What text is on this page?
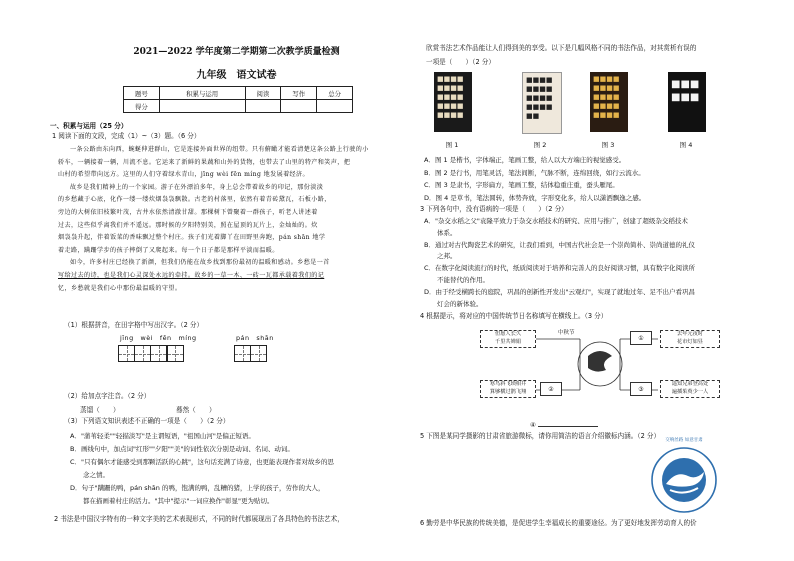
2021—2022 学年度第二学期第二次教学质量检测
九年级　语文试卷
题号	积累与运用	阅读	写作	总分
得分				
一、积累与运用（25 分）
1 阅读下面的文段，完成（1）~（3）题。（6 分）
一条公路由东向西，蜿蜒伸进群山，它是连接外面世界的纽带。只有俯瞰才能看清楚这条公路上行驶的小
轿车，一辆接着一辆，川流不息。它运来了新鲜的果蔬和山外的货物，也带去了山里的特产和笑声，把
山村的希望带向远方。这里的人们守着绿水青山，jīng wèi fēn míng 地发展着经济。
故乡是我们精神上的一个家园。游子在外漂泊多年，身上总会带着故乡的印记，那份淡淡
的乡愁藏于心底，化作一缕一缕炊烟袅袅飘散。古老的村落里，依然有着青砖黛瓦，石板小路，
旁边的大树依旧枝繁叶茂，古井水依然清澈甘甜。那棵树下曾聚着一群孩子，听老人讲述着
过去，这些似乎离我们并不遥远。那时候的夕阳特别美，照在屋顶的瓦片上，金灿灿的。炊
烟袅袅升起，伴着饭菜的香味飘过整个村庄。孩子们光着脚丫在田野里奔跑，pán shān 地学
着走路，蹒跚学步的孩子摔倒了又爬起来。每一个日子都是那样平淡而温暖。
如今，许多村庄已经换了新颜，但我们仍能在故乡找到那份最初的温暖和感动。乡愁是一首
写给过去的诗，也是我们心灵深处永远的牵挂。故乡的一草一木、一砖一瓦都承载着我们的记
忆，乡愁就是我们心中那份最温暖的守望。
（1）根据拼音，在田字格中写出汉字。（2 分）
jīng　wèi　fēn　míng	pán　shān
（2）给加点字注音。（2 分）
蒸馏（　　）	蓦然（　　）
（3）下列语文知识表述不正确的一项是（　　）（2 分）
A．"蒲苇轻柔""轻描淡写"是主谓短语，"祖国山河"是偏正短语。
B．画线句中，加点词"红形""夕阳""美"的词性依次分别是动词、名词、动词。
C．"只有偶尔才能感受到那颗活跃的心跳"，这句话充满了诗意，也更能表现作者对故乡的思
　　念之情。
D．句子"蹒跚的鸭，pán shān 的鸭，饱满的鸭，乱糟的猪，上学的孩子，劳作的大人，
　　都在描画着村庄的活力。"其中"提示"一词应换作"彰显"更为贴切。
2 书法是中国汉字特有的一种文字美的艺术表现形式，不同的时代都展现出了各具特色的书法艺术，
欣赏书法艺术作品能让人们得到美的享受。以下是几幅风格不同的书法作品，对其赏析有误的
一项是（　　）（2 分）
■■■■■■■■■■■■■■■■■■■■
■■■■■■■■■■■■■■■■■■
■■■■■■■■■■■■■■■■■■■■
■■■■■■
图 1	图 2	图 3	图 4
A．图 1 是楷书，字体端正，笔画工整，给人以大方端庄的视觉感受。
B．图 2 是行书，用笔灵活，笔法间断，气脉不断，连绵回绕，如行云流水。
C．图 3 是隶书，字形扁方，笔画工整，结体稳重庄重，蚕头雁尾。
D．图 4 是草书，笔法圆转，体势奔放，字形变化多，给人以潇洒飘逸之感。
3 下列各句中，没有语病的一项是（　　）（2 分）
A．"杂交水稻之父"袁隆平致力于杂交水稻技术的研究、应用与推广，创建了超级杂交稻技术
　　体系。
B．通过对古代陶瓷艺术的研究，让我们看到，中国古代社会是一个崇尚简朴、崇尚道德的礼仪
　　之邦。
C．在数字化阅读流行的时代，纸质阅读对于培养和完善人的良好阅读习惯，具有数字化阅读所
　　不能替代的作用。
D．由于经受横跨长的庭院，巩昌的创新性开发出"云观灯"，实现了就地过年、足不出户看巩昌
　　灯会的新体验。
4 根据提示，将对应的中国传统节日名称填写在横线上。（3 分）
但愿人长久
千里共婵娟
寒鸟斜飞琐相井
算够横过鹊飞翔
去年元夜时
花市灯如昼
遥知兄弟登高处
遍插茱萸少一人
中秋节
①
②	③
④
5 下图是某同学摄影的甘肃省旅游微标，请你用简洁的语言介绍徽标内涵。（2 分）
交响丝路 如意甘肃
6 勤劳是中华民族的传统美德，是促进学生幸福成长的重要途径。为了更好地发挥劳动育人的价
